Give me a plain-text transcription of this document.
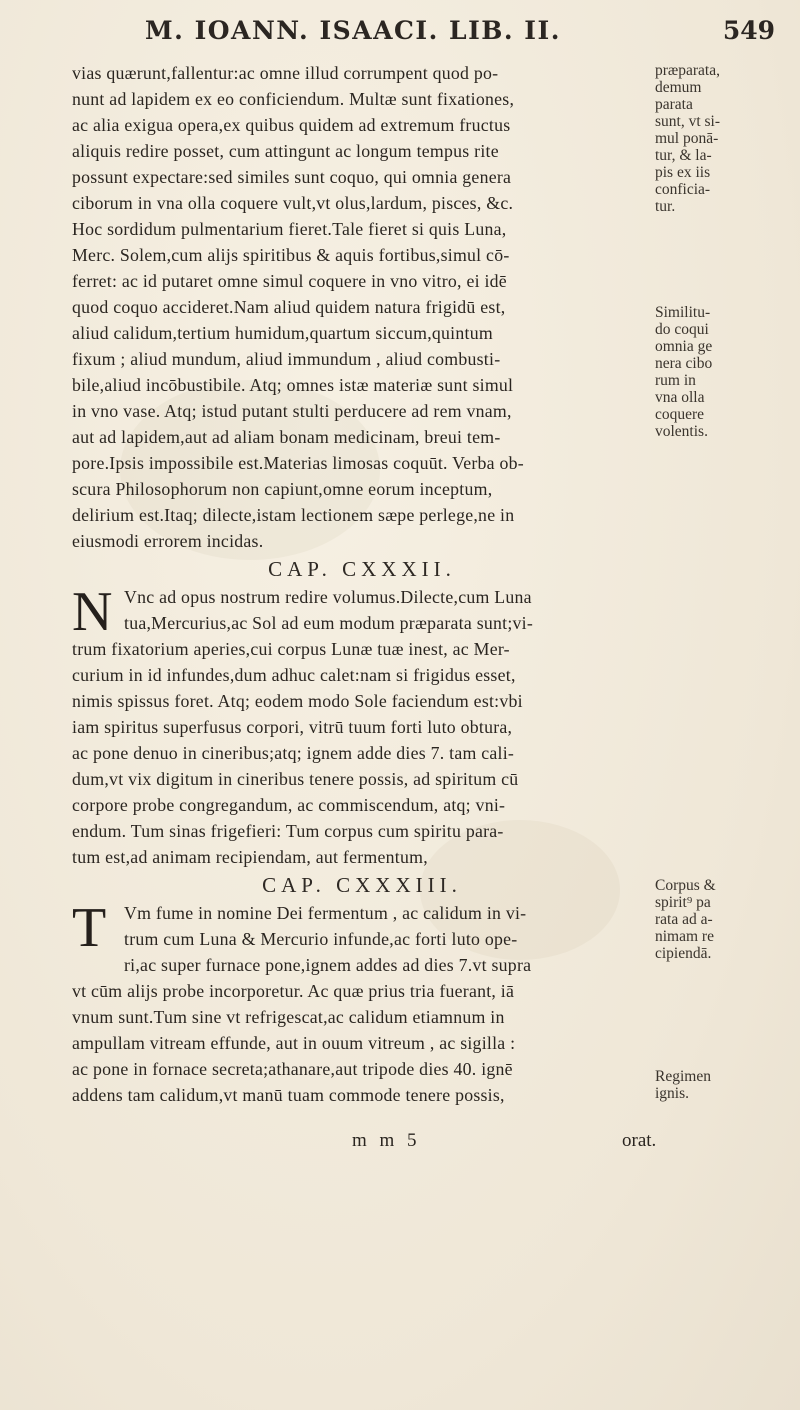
M. IOANN. ISAACI. LIB. II.	549
vias quærunt,fallentur:ac omne illud corrumpent quod po-
nunt ad lapidem ex eo conficiendum. Multæ sunt fixationes,
ac alia exigua opera,ex quibus quidem ad extremum fructus
aliquis redire posset, cum attingunt ac longum tempus rite
possunt expectare:sed similes sunt coquo, qui omnia genera
ciborum in vna olla coquere vult,vt olus,lardum, pisces, &c.
Hoc sordidum pulmentarium fieret.Tale fieret si quis Luna,
Merc. Solem,cum alijs spiritibus & aquis fortibus,simul cō-
ferret: ac id putaret omne simul coquere in vno vitro, ei idē
quod coquo accideret.Nam aliud quidem natura frigidū est,
aliud calidum,tertium humidum,quartum siccum,quintum
fixum ; aliud mundum, aliud immundum , aliud combusti-
bile,aliud incōbustibile. Atq; omnes istæ materiæ sunt simul
in vno vase. Atq; istud putant stulti perducere ad rem vnam,
aut ad lapidem,aut ad aliam bonam medicinam, breui tem-
pore.Ipsis impossibile est.Materias limosas coquūt. Verba ob-
scura Philosophorum non capiunt,omne eorum inceptum,
delirium est.Itaq; dilecte,istam lectionem sæpe perlege,ne in
eiusmodi errorem incidas.
CAP. CXXXII.
N Vnc ad opus nostrum redire volumus.Dilecte,cum Luna
tua,Mercurius,ac Sol ad eum modum præparata sunt;vi-
trum fixatorium aperies,cui corpus Lunæ tuæ inest, ac Mer-
curium in id infundes,dum adhuc calet:nam si frigidus esset,
nimis spissus foret. Atq; eodem modo Sole faciendum est:vbi
iam spiritus superfusus corpori, vitrū tuum forti luto obtura,
ac pone denuo in cineribus;atq; ignem adde dies 7. tam cali-
dum,vt vix digitum in cineribus tenere possis, ad spiritum cū
corpore probe congregandum, ac commiscendum, atq; vni-
endum. Tum sinas frigefieri: Tum corpus cum spiritu para-
tum est,ad animam recipiendam, aut fermentum,
CAP. CXXXIII.
T Vm fume in nomine Dei fermentum , ac calidum in vi-
trum cum Luna & Mercurio infunde,ac forti luto ope-
ri,ac super furnace pone,ignem addes ad dies 7.vt supra
vt cūm alijs probe incorporetur. Ac quæ prius tria fuerant, iā
vnum sunt.Tum sine vt refrigescat,ac calidum etiamnum in
ampullam vitream effunde, aut in ouum vitreum , ac sigilla :
ac pone in fornace secreta;athanare,aut tripode dies 40. ignē
addens tam calidum,vt manū tuam commode tenere possis,
præparata,
demum
parata
sunt, vt si-
mul ponā-
tur, & la-
pis ex iis
conficia-
tur.
Similitu-
do coqui
omnia ge
nera cibo
rum in
vna olla
coquere
volentis.
Corpus &
spirit⁹ pa
rata ad a-
nimam re
cipiendā.
Regimen
ignis.
m m 5	orat.
